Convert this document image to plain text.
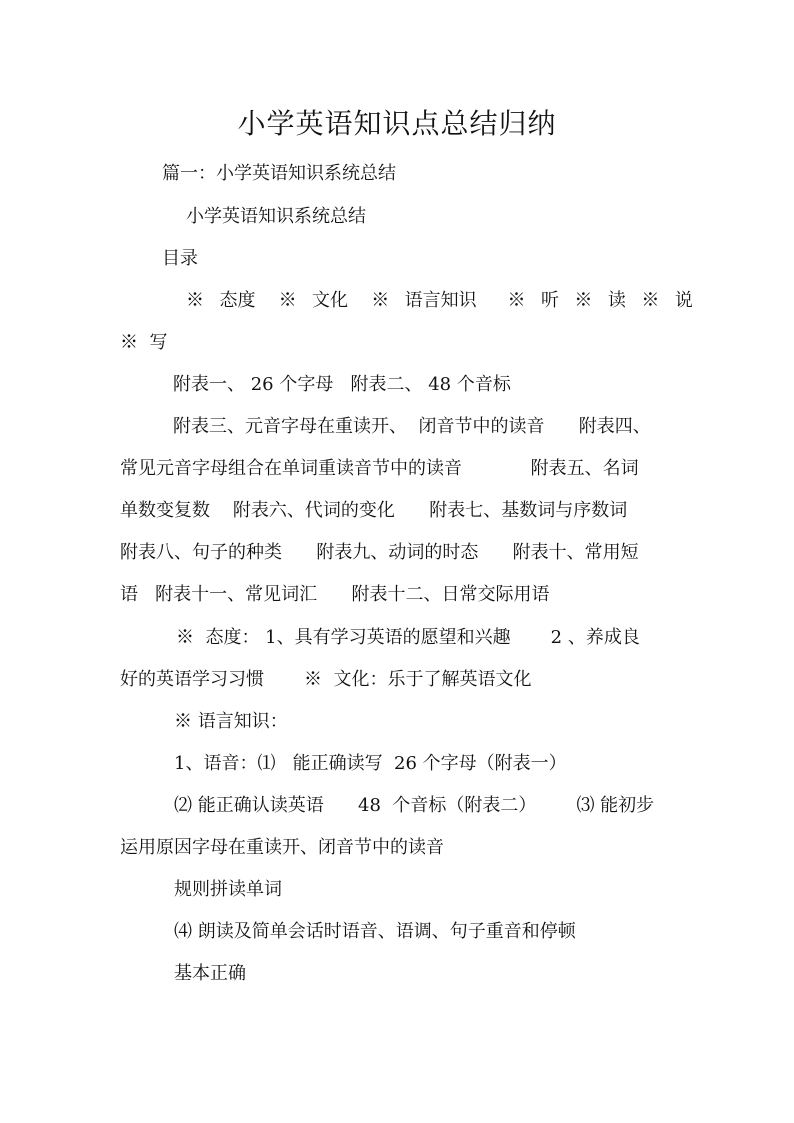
小学英语知识点总结归纳
篇一：小学英语知识系统总结
小学英语知识系统总结
目录
※  态度   ※  文化   ※  语言知识    ※  听  ※  读  ※  说
※  写
附表一、 26 个字母   附表二、 48 个音标
附表三、元音字母在重读开、  闭音节中的读音      附表四、
常见元音字母组合在单词重读音节中的读音            附表五、名词
单数变复数    附表六、代词的变化      附表七、基数词与序数词
附表八、句子的种类      附表九、动词的时态      附表十、常用短
语   附表十一、常见词汇      附表十二、日常交际用语
※  态度： 1、具有学习英语的愿望和兴趣       2 、养成良
好的英语学习习惯       ※  文化：乐于了解英语文化
※ 语言知识：
1、语音：⑴   能正确读写  26 个字母（附表一）
⑵ 能正确认读英语      48  个音标（附表二）       ⑶ 能初步
运用原因字母在重读开、闭音节中的读音
规则拼读单词
⑷ 朗读及简单会话时语音、语调、句子重音和停顿
基本正确
